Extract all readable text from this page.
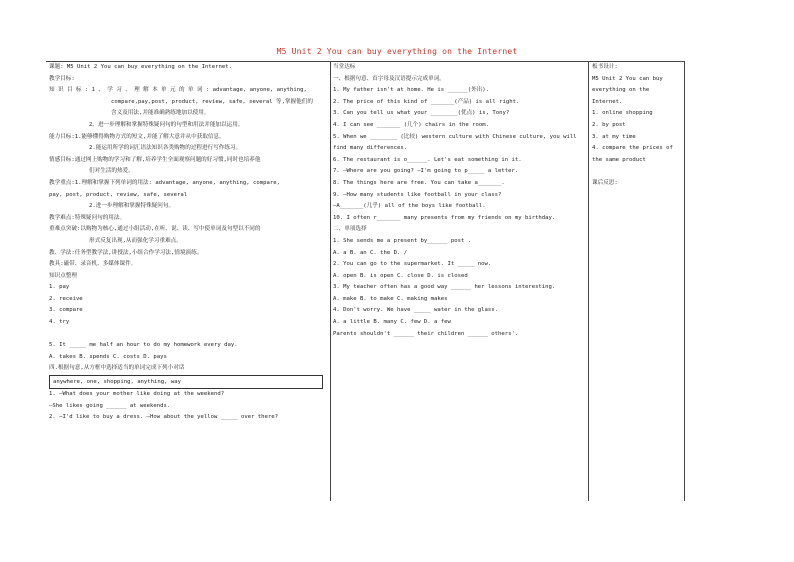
M5 Unit 2 You can buy everything on the Internet

课题: M5 Unit 2 You can buy everything on the Internet.

教学目标:

知 识 目 标 : 1 、 学 习 、 理 解 本 单 元 的 单 词 : advantage, anyone, anything,

compare,pay,post, product, review, safe, several 等,掌握他们的

含义及用法,并能准确熟练地加以使用。

2、进一步理解和掌握特殊疑问句的句型和用法并能加以运用。

能力目标:1.能够懂得购物方式的短文,并能了解大意并从中获取信息。

2.能运用所学的词汇语法知识各类购物的过程进行写作练习。

情感目标:通过网上购物的学习和了解,培养学生全面观察问题的好习惯,同时也培养他

们对生活的热爱。

教学重点:1.理解和掌握下列单词的用法: advantage, anyone, anything, compare,

pay, post, product, review, safe, several

2.进一步理解和掌握特殊疑问句。

教学难点:特殊疑问句的用法。

重难点突破:以购物为核心,通过小组活动,在听、说、读、写中使单词及句型以不同的

形式反复出现,从而强化学习重难点。

教、学法:任务型教学法,讲授法,小组合作学习法,情境演练。

教具:磁带、录音机、多媒体课件。

知识点整理

1. pay

2. receive

3. compare

4. try

5. It _____ me half an hour to do my homework every day.

A. takes B. spends C. costs D. pays

四.根据句意,从方框中选择适当的单词完成下列小对话

anywhere, one, shopping, anything, way

1. —What does your mother like doing at the weekend?

—She likes going ______ at weekends.

2. —I'd like to buy a dress. —How about the yellow _____ over there?

当堂达标

一、根据句意、首字母及汉语提示完成单词。

1. My father isn't at home. He is ______(外出).

2. The price of this kind of _______(产品) is all right.

3. Can you tell us what your ________(优点) is, Tony?

4. I can see _______ (几个) chairs in the room.

5. When we ________ (比较) western culture with Chinese culture, you will

find many differences.

6. The restaurant is o______. Let's eat something in it.

7. —Where are you going? —I'm going to p_____ a letter.

8. The things here are free. You can take a_______.

9. —How many students like football in your class?

—A_______(几乎) all of the boys like football.

10. I often r_______ many presents from my friends on my birthday.

二、单项选择

1. She sends me a present by______ post .

A. a B. an C. the D. /

2. You can go to the supermarket. It _____ now.

A. open B. is open C. close D. is closed

3. My teacher often has a good way ______ her lessons interesting.

A. make B. to make C. making makes

4. Don't worry. We have _____ water in the glass.

A. a little B. many C. few D. a few

Parents shouldn't ______ their children ______ others'.

板书设计:

M5 Unit 2 You can buy

everything on the

Internet.

1. online shopping

2. by post

3. at my time

4. compare the prices of

the same product

课后反思:
